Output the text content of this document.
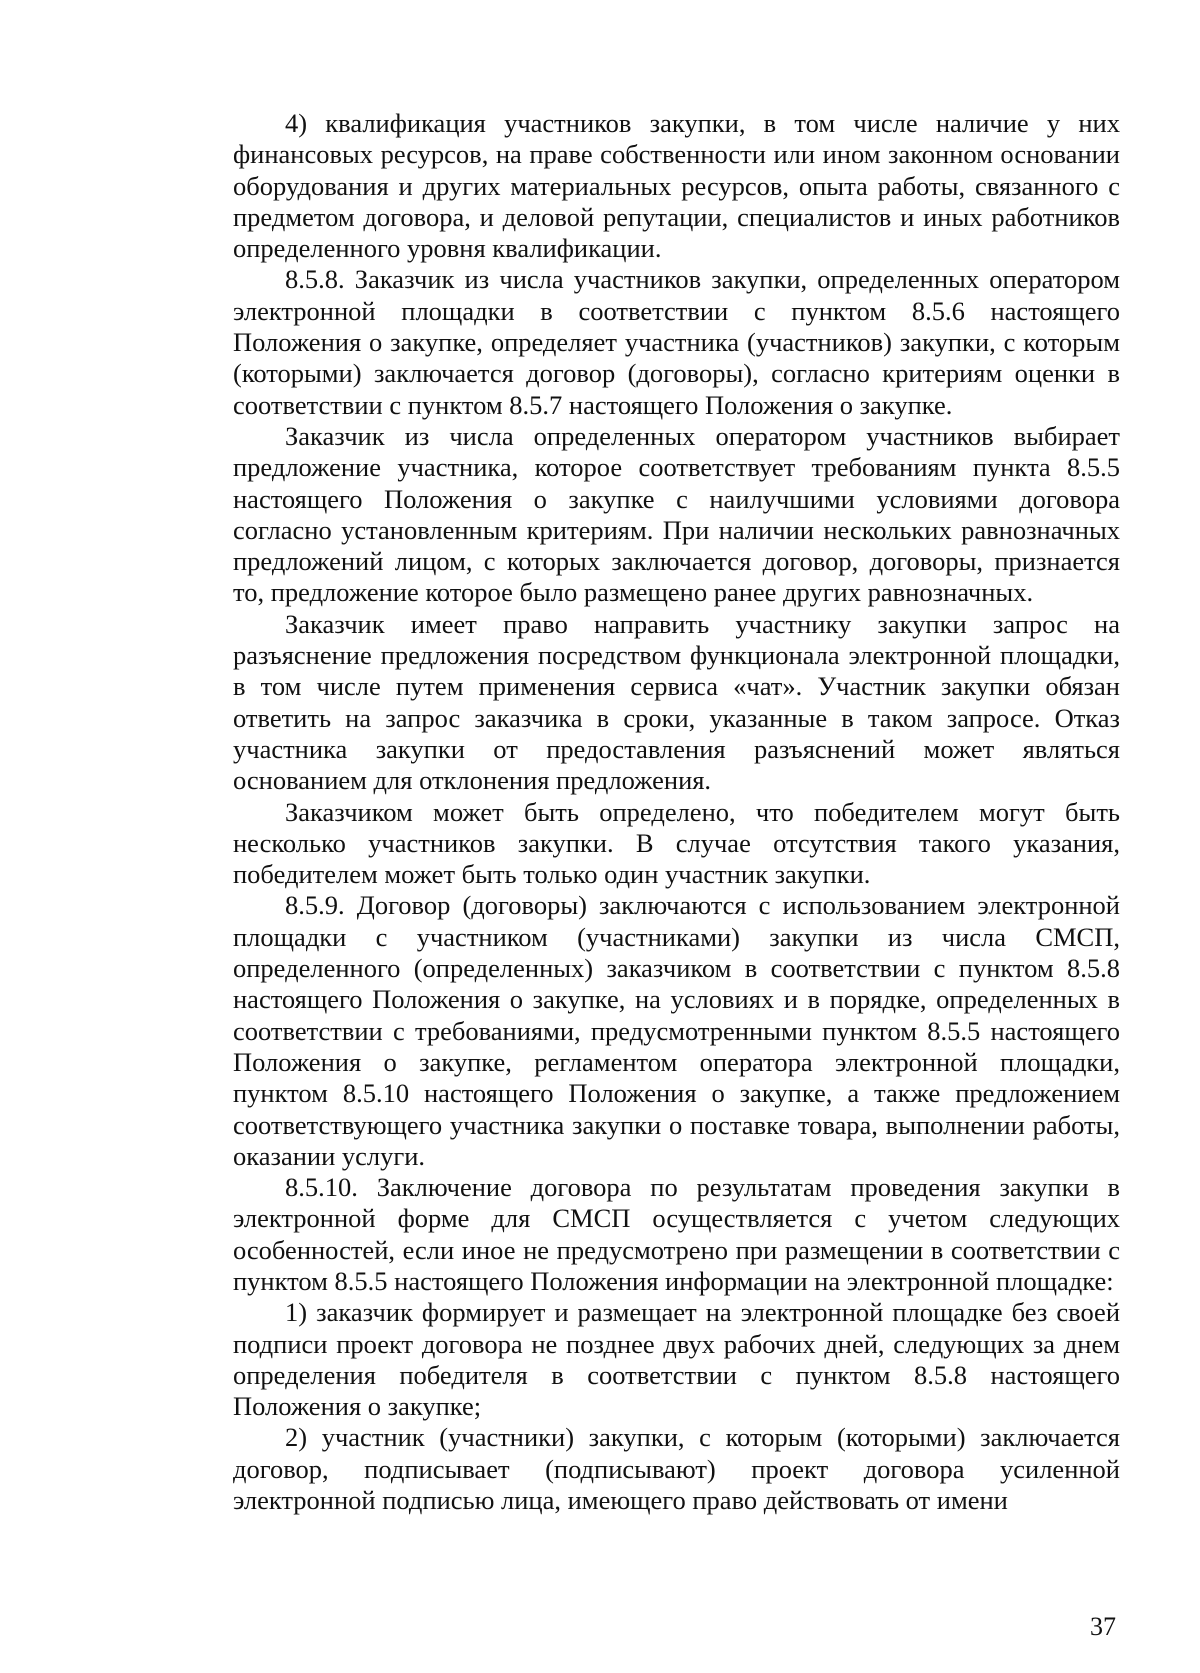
4) квалификация участников закупки, в том числе наличие у них финансовых ресурсов, на праве собственности или ином законном основании оборудования и других материальных ресурсов, опыта работы, связанного с предметом договора, и деловой репутации, специалистов и иных работников определенного уровня квалификации.

8.5.8. Заказчик из числа участников закупки, определенных оператором электронной площадки в соответствии с пунктом 8.5.6 настоящего Положения о закупке, определяет участника (участников) закупки, с которым (которыми) заключается договор (договоры), согласно критериям оценки в соответствии с пунктом 8.5.7 настоящего Положения о закупке.

Заказчик из числа определенных оператором участников выбирает предложение участника, которое соответствует требованиям пункта 8.5.5 настоящего Положения о закупке с наилучшими условиями договора согласно установленным критериям. При наличии нескольких равнозначных предложений лицом, с которых заключается договор, договоры, признается то, предложение которое было размещено ранее других равнозначных.

Заказчик имеет право направить участнику закупки запрос на разъяснение предложения посредством функционала электронной площадки, в том числе путем применения сервиса «чат». Участник закупки обязан ответить на запрос заказчика в сроки, указанные в таком запросе. Отказ участника закупки от предоставления разъяснений может являться основанием для отклонения предложения.

Заказчиком может быть определено, что победителем могут быть несколько участников закупки. В случае отсутствия такого указания, победителем может быть только один участник закупки.

8.5.9. Договор (договоры) заключаются с использованием электронной площадки с участником (участниками) закупки из числа СМСП, определенного (определенных) заказчиком в соответствии с пунктом 8.5.8 настоящего Положения о закупке, на условиях и в порядке, определенных в соответствии с требованиями, предусмотренными пунктом 8.5.5 настоящего Положения о закупке, регламентом оператора электронной площадки, пунктом 8.5.10 настоящего Положения о закупке, а также предложением соответствующего участника закупки о поставке товара, выполнении работы, оказании услуги.

8.5.10. Заключение договора по результатам проведения закупки в электронной форме для СМСП осуществляется с учетом следующих особенностей, если иное не предусмотрено при размещении в соответствии с пунктом 8.5.5 настоящего Положения информации на электронной площадке:

1) заказчик формирует и размещает на электронной площадке без своей подписи проект договора не позднее двух рабочих дней, следующих за днем определения победителя в соответствии с пунктом 8.5.8 настоящего Положения о закупке;

2) участник (участники) закупки, с которым (которыми) заключается договор, подписывает (подписывают) проект договора усиленной электронной подписью лица, имеющего право действовать от имени

37
